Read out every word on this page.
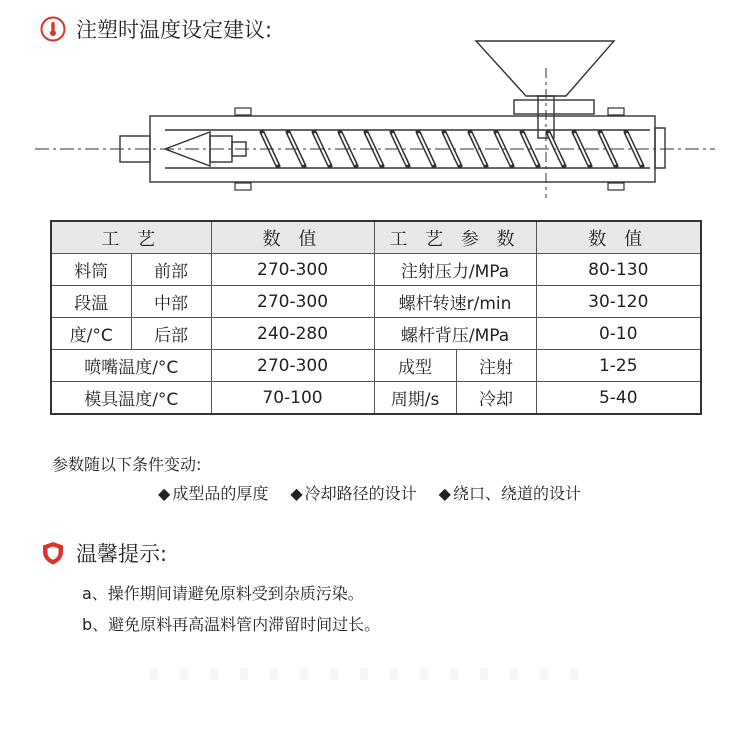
注塑时温度设定建议:
工 艺		数 值	工 艺 参 数		数 值
料筒	前部	270-300	注射压力/MPa		80-130
段温	中部	270-300	螺杆转速r/min		30-120
度/°C	后部	240-280	螺杆背压/MPa		0-10
喷嘴温度/°C		270-300	成型	注射	1-25
模具温度/°C		70-100	周期/s	冷却	5-40
参数随以下条件变动:
◆ 成型品的厚度	◆ 冷却路径的设计	◆ 绕口、绕道的设计
温馨提示:
a、操作期间请避免原料受到杂质污染。
b、避免原料再高温料管内滞留时间过长。
